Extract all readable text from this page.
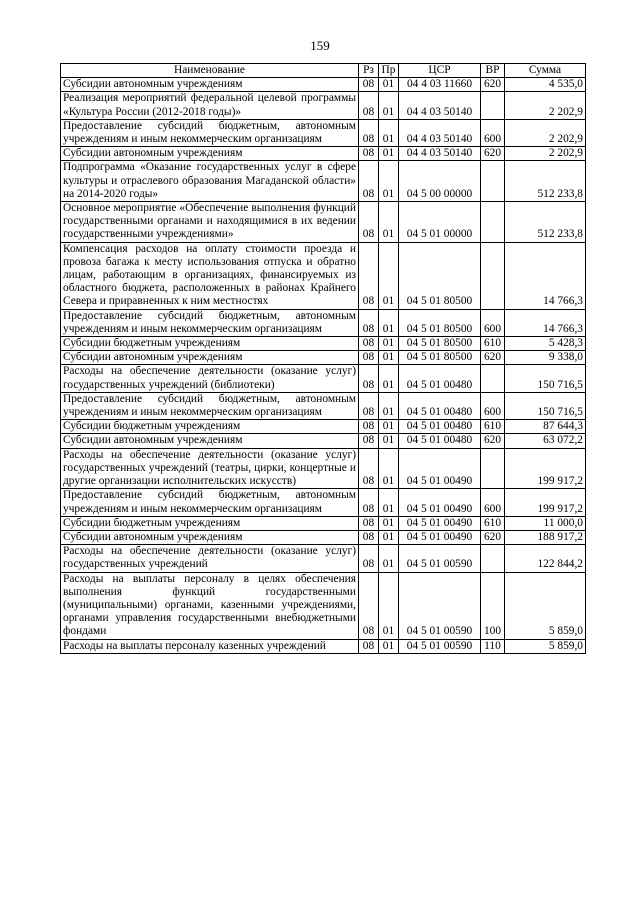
159
Наименование	Рз	Пр	ЦСР	ВР	Сумма
Субсидии автономным учреждениям	08	01	04 4 03 11660	620	4 535,0
Реализация мероприятий федеральной целевой программы «Культура России (2012-2018 годы)»	08	01	04 4 03 50140		2 202,9
Предоставление субсидий бюджетным, автономным учреждениям и иным некоммерческим организациям	08	01	04 4 03 50140	600	2 202,9
Субсидии автономным учреждениям	08	01	04 4 03 50140	620	2 202,9
Подпрограмма «Оказание государственных услуг в сфере культуры и отраслевого образования Магаданской области» на 2014-2020 годы»	08	01	04 5 00 00000		512 233,8
Основное мероприятие «Обеспечение выполнения функций государственными органами и находящимися в их ведении государственными учреждениями»	08	01	04 5 01 00000		512 233,8
Компенсация расходов на оплату стоимости проезда и провоза багажа к месту использования отпуска и обратно лицам, работающим в организациях, финансируемых из областного бюджета, расположенных в районах Крайнего Севера и приравненных к ним местностях	08	01	04 5 01 80500		14 766,3
Предоставление субсидий бюджетным, автономным учреждениям и иным некоммерческим организациям	08	01	04 5 01 80500	600	14 766,3
Субсидии бюджетным учреждениям	08	01	04 5 01 80500	610	5 428,3
Субсидии автономным учреждениям	08	01	04 5 01 80500	620	9 338,0
Расходы на обеспечение деятельности (оказание услуг) государственных учреждений (библиотеки)	08	01	04 5 01 00480		150 716,5
Предоставление субсидий бюджетным, автономным учреждениям и иным некоммерческим организациям	08	01	04 5 01 00480	600	150 716,5
Субсидии бюджетным учреждениям	08	01	04 5 01 00480	610	87 644,3
Субсидии автономным учреждениям	08	01	04 5 01 00480	620	63 072,2
Расходы на обеспечение деятельности (оказание услуг) государственных учреждений (театры, цирки, концертные и другие организации исполнительских искусств)	08	01	04 5 01 00490		199 917,2
Предоставление субсидий бюджетным, автономным учреждениям и иным некоммерческим организациям	08	01	04 5 01 00490	600	199 917,2
Субсидии бюджетным учреждениям	08	01	04 5 01 00490	610	11 000,0
Субсидии автономным учреждениям	08	01	04 5 01 00490	620	188 917,2
Расходы на обеспечение деятельности (оказание услуг) государственных учреждений	08	01	04 5 01 00590		122 844,2
Расходы на выплаты персоналу в целях обеспечения выполнения функций государственными (муниципальными) органами, казенными учреждениями, органами управления государственными внебюджетными фондами	08	01	04 5 01 00590	100	5 859,0
Расходы на выплаты персоналу казенных учреждений	08	01	04 5 01 00590	110	5 859,0
